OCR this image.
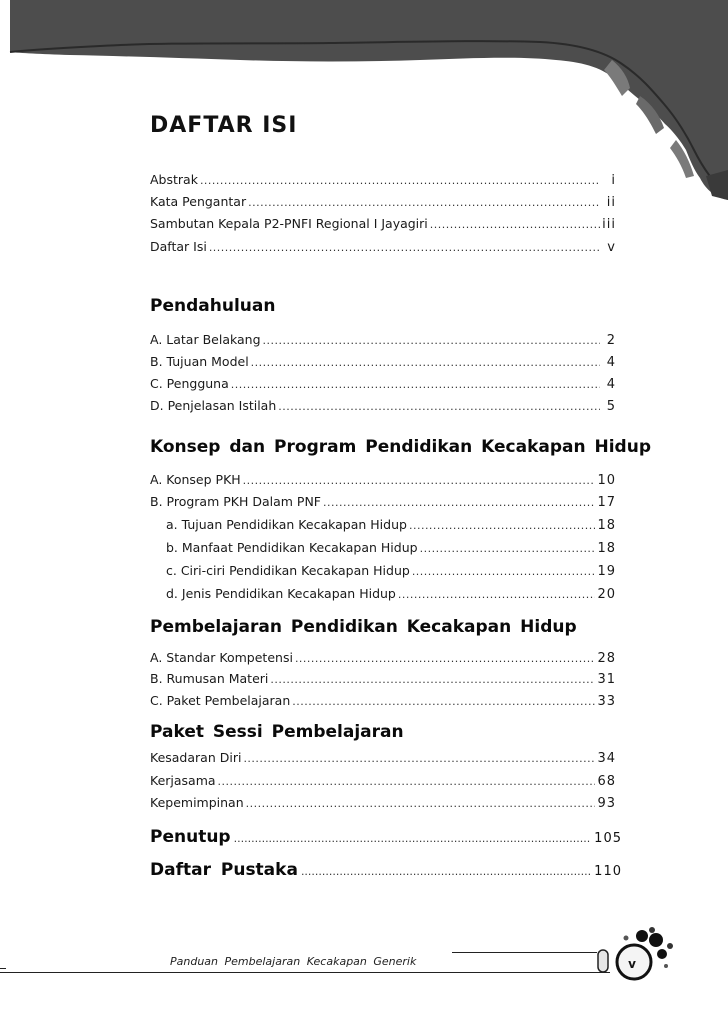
DAFTAR ISI
Abstrak .....	i
Kata Pengantar .....	ii
Sambutan Kepala P2-PNFI Regional I Jayagiri .....	iii
Daftar Isi .....	v
Pendahuluan
A. Latar Belakang .....	2
B. Tujuan Model .....	4
C. Pengguna .....	4
D. Penjelasan Istilah .....	5
Konsep dan Program Pendidikan Kecakapan Hidup
A. Konsep PKH .....	10
B. Program PKH Dalam PNF .....	17
a. Tujuan Pendidikan Kecakapan Hidup .....	18
b. Manfaat Pendidikan Kecakapan Hidup .....	18
c. Ciri-ciri Pendidikan Kecakapan Hidup .....	19
d. Jenis Pendidikan Kecakapan Hidup .....	20
Pembelajaran Pendidikan Kecakapan Hidup
A. Standar Kompetensi .....	28
B. Rumusan Materi .....	31
C. Paket Pembelajaran .....	33
Paket Sessi Pembelajaran
Kesadaran Diri .....	34
Kerjasama .....	68
Kepemimpinan .....	93
Penutup .....	105
Daftar Pustaka .....	110
Panduan Pembelajaran Kecakapan Generik	v
